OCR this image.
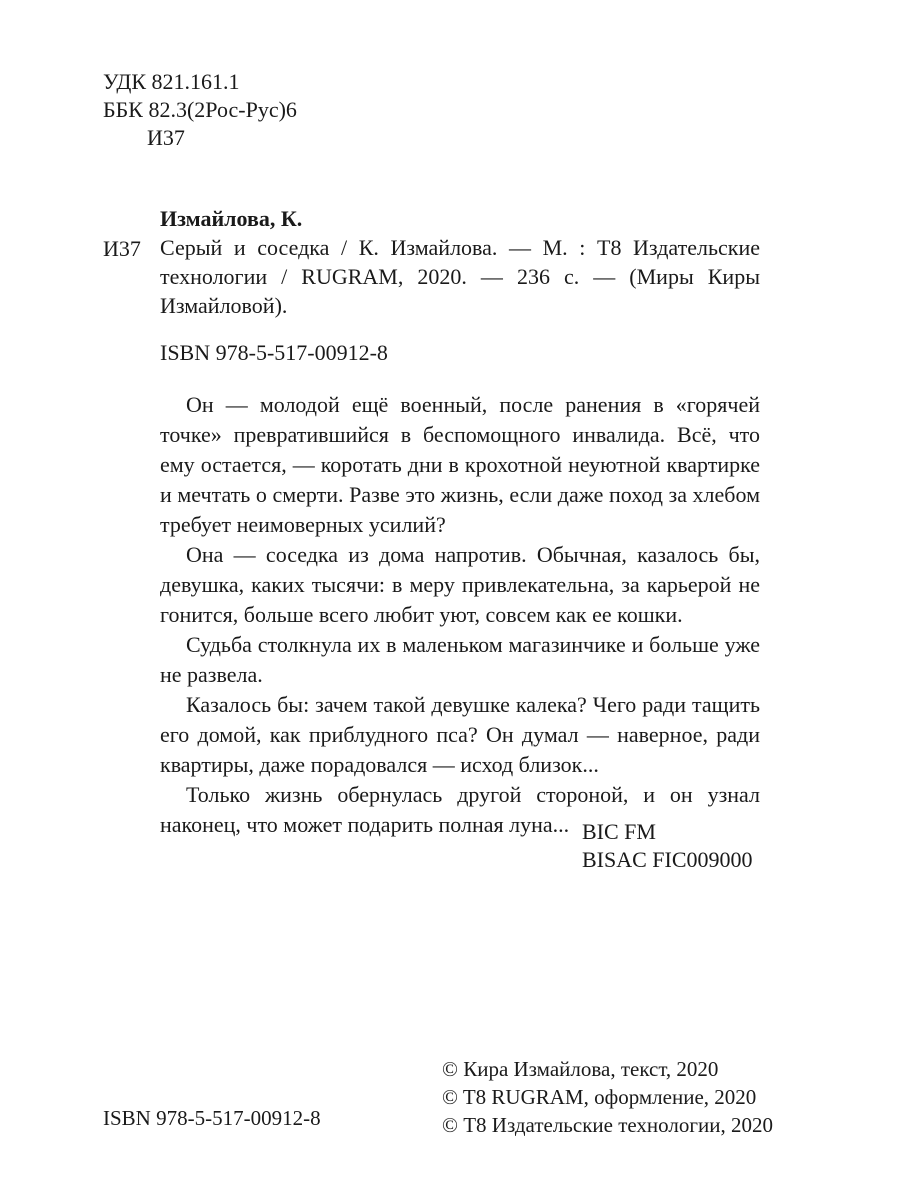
УДК 821.161.1
ББК 82.3(2Рос-Рус)6
И37
Измайлова, К.
И37 Серый и соседка / К. Измайлова. — М. : Т8 Издательские технологии / RUGRAM, 2020. — 236 с. — (Миры Киры Измайловой).
ISBN 978-5-517-00912-8

Он — молодой ещё военный, после ранения в «горячей точке» превратившийся в беспомощного инвалида. Всё, что ему остается, — коротать дни в крохотной неуютной квартирке и мечтать о смерти. Разве это жизнь, если даже поход за хлебом требует неимоверных усилий?

Она — соседка из дома напротив. Обычная, казалось бы, девушка, каких тысячи: в меру привлекательна, за карьерой не гонится, больше всего любит уют, совсем как ее кошки.

Судьба столкнула их в маленьком магазинчике и больше уже не развела.

Казалось бы: зачем такой девушке калека? Чего ради тащить его домой, как приблудного пса? Он думал — наверное, ради квартиры, даже порадовался — исход близок...

Только жизнь обернулась другой стороной, и он узнал наконец, что может подарить полная луна... BIC FM
BISAC FIC009000
© Кира Измайлова, текст, 2020
© T8 RUGRAM, оформление, 2020
© Т8 Издательские технологии, 2020
ISBN 978-5-517-00912-8
